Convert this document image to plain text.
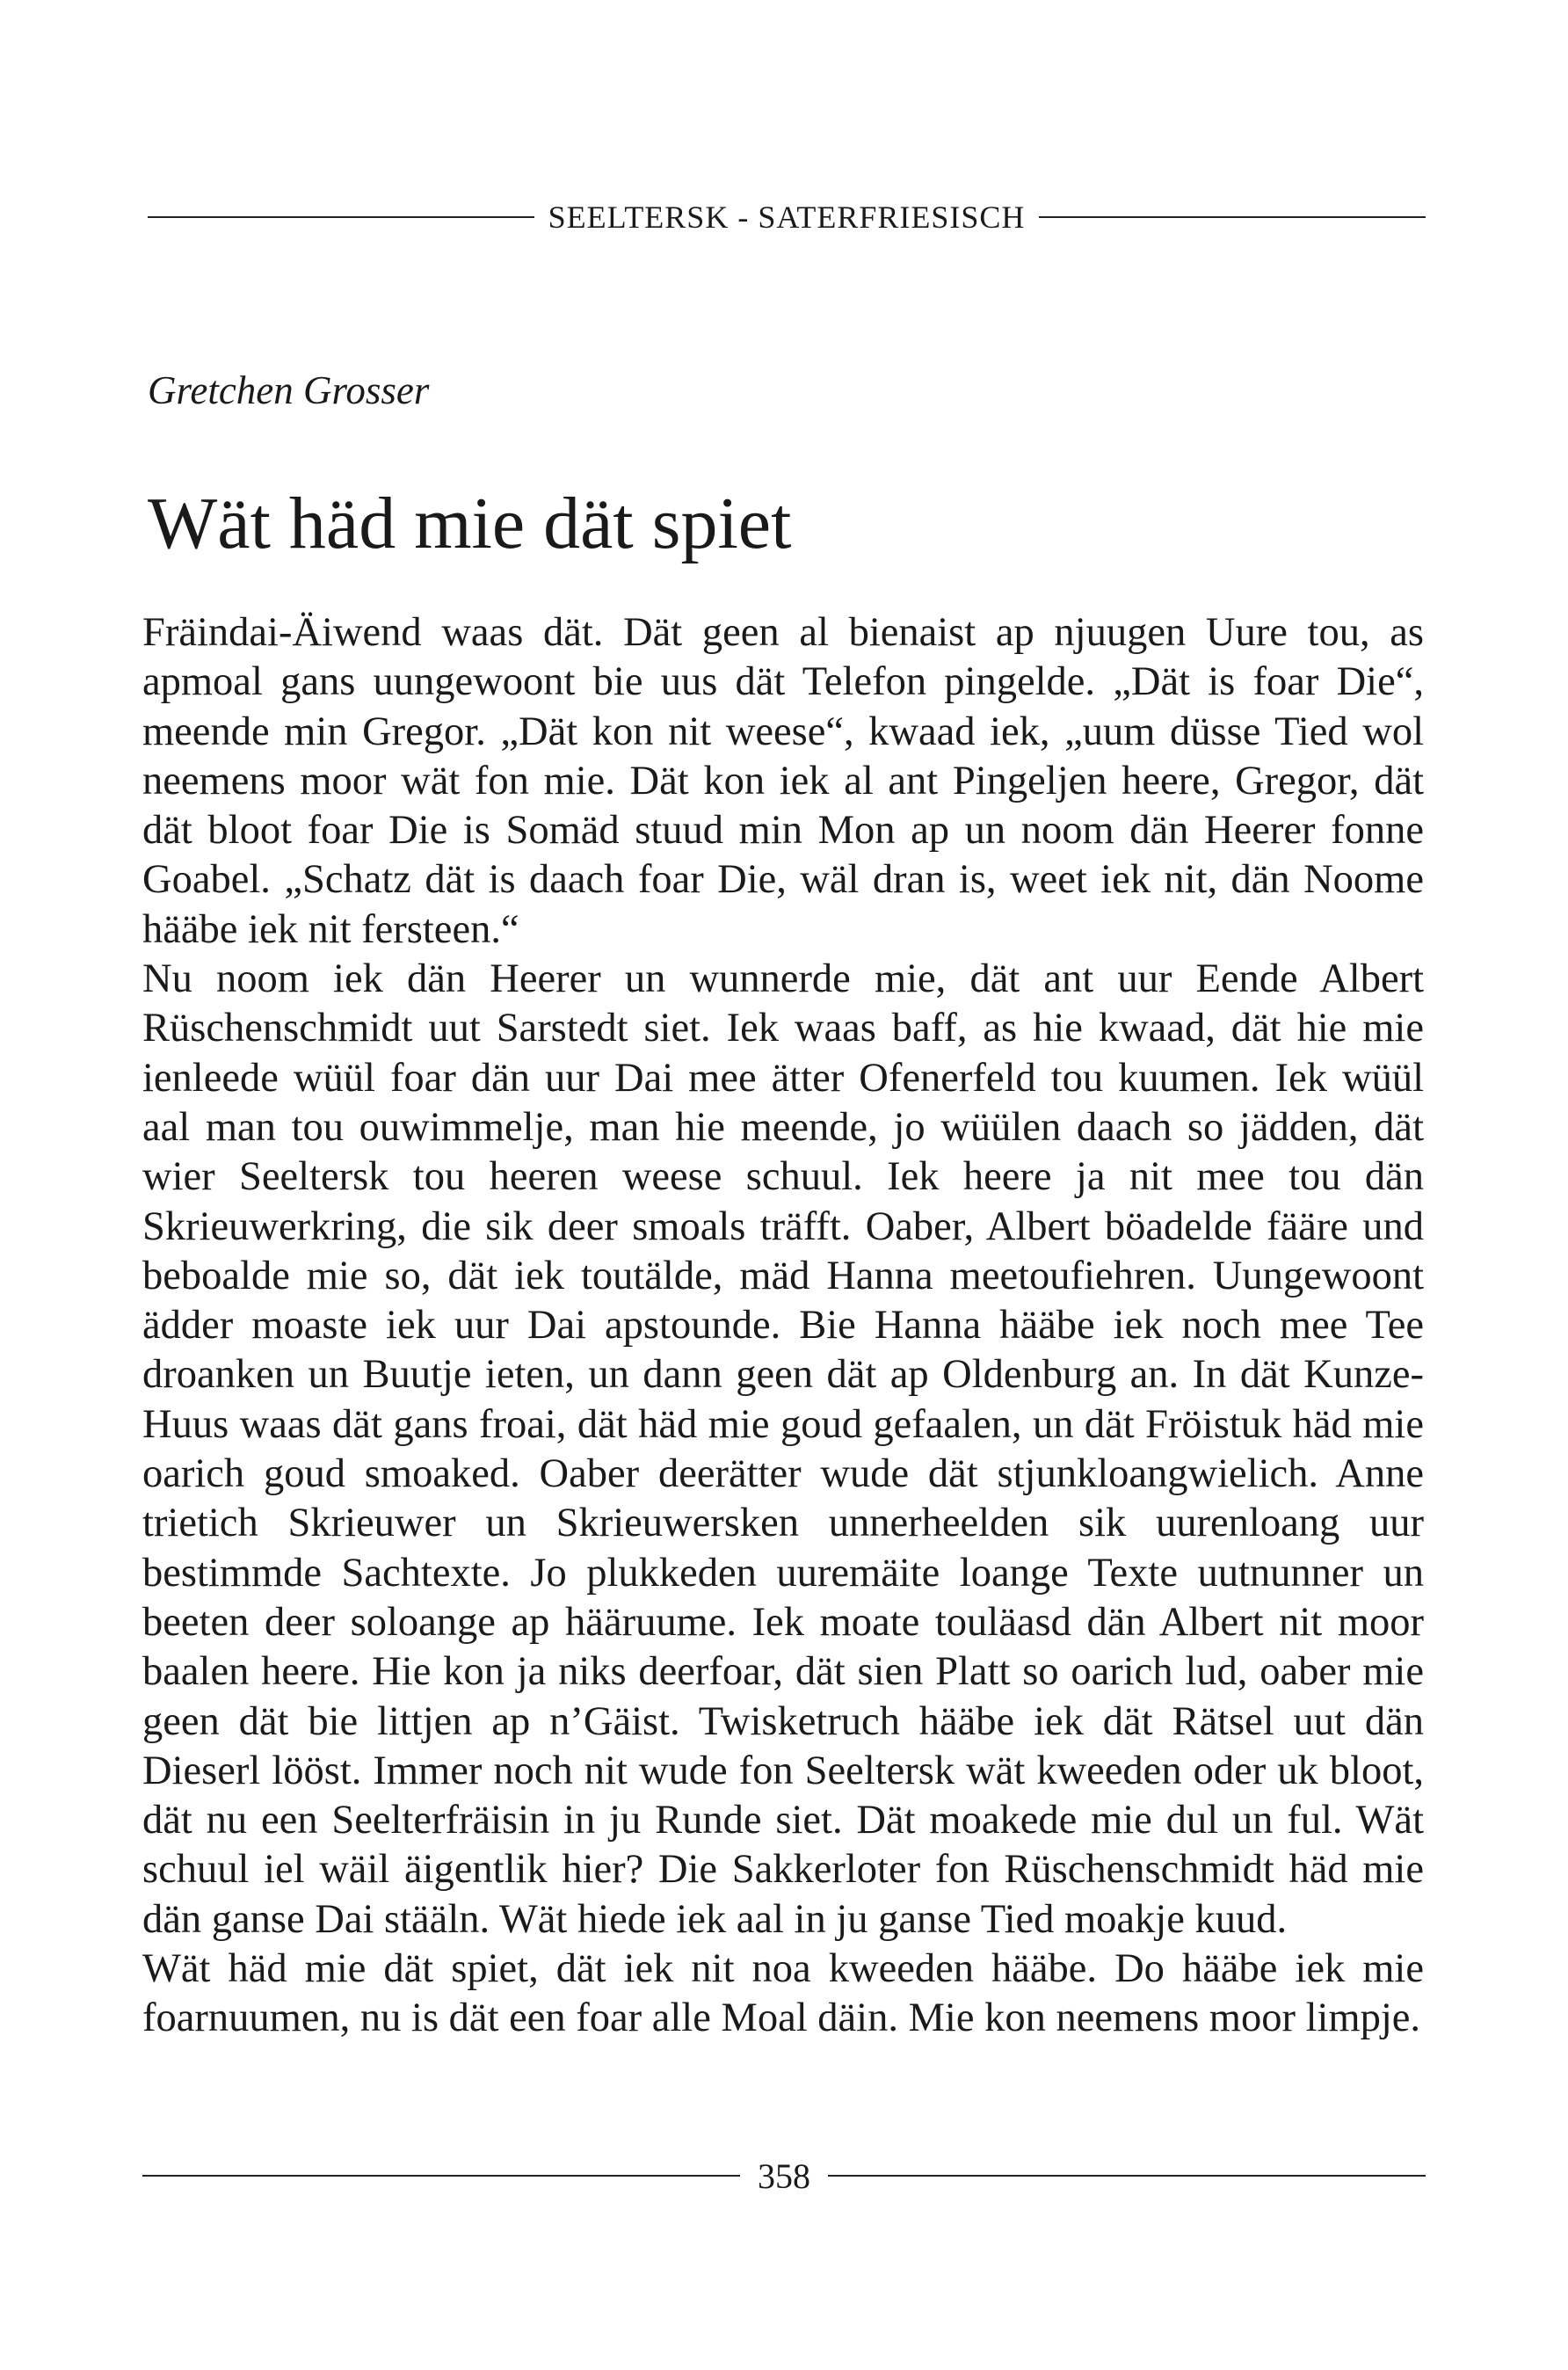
SEELTERSK - SATERFRIESISCH
Gretchen Grosser
Wät häd mie dät spiet

Fräindai-Äiwend waas dät. Dät geen al bienaist ap njuugen Uure tou, as apmoal gans uungewoont bie uus dät Telefon pingelde. „Dät is foar Die“, meende min Gregor. „Dät kon nit weese“, kwaad iek, „uum düsse Tied wol neemens moor wät fon mie. Dät kon iek al ant Pingeljen heere, Gregor, dät dät bloot foar Die is Somäd stuud min Mon ap un noom dän Heerer fonne Goabel. „Schatz dät is daach foar Die, wäl dran is, weet iek nit, dän Noome hääbe iek nit fersteen.“

Nu noom iek dän Heerer un wunnerde mie, dät ant uur Eende Albert Rüschenschmidt uut Sarstedt siet. Iek waas baff, as hie kwaad, dät hie mie ienleede wüül foar dän uur Dai mee ätter Ofenerfeld tou kuumen. Iek wüül aal man tou ouwimmelje, man hie meende, jo wüülen daach so jädden, dät wier Seeltersk tou heeren weese schuul. Iek heere ja nit mee tou dän Skrieuwerkring, die sik deer smoals träfft. Oaber, Albert böadelde fääre und beboalde mie so, dät iek toutälde, mäd Hanna meetoufiehren. Uungewoont ädder moaste iek uur Dai apstounde. Bie Hanna hääbe iek noch mee Tee droanken un Buutje ieten, un dann geen dät ap Oldenburg an. In dät Kunze-Huus waas dät gans froai, dät häd mie goud gefaalen, un dät Fröistuk häd mie oarich goud smoaked. Oaber deerätter wude dät stjunkloangwielich. Anne trietich Skrieuwer un Skrieuwersken unnerheelden sik uurenloang uur bestimmde Sachtexte. Jo plukkeden uuremäite loange Texte uutnunner un beeten deer soloange ap hääruume. Iek moate touläasd dän Albert nit moor baalen heere. Hie kon ja niks deerfoar, dät sien Platt so oarich lud, oaber mie geen dät bie littjen ap n’Gäist. Twisketruch hääbe iek dät Rätsel uut dän Dieserl lööst. Immer noch nit wude fon Seeltersk wät kweeden oder uk bloot, dät nu een Seelterfräisin in ju Runde siet. Dät moakede mie dul un ful. Wät schuul iel wäil äigentlik hier? Die Sakkerloter fon Rüschenschmidt häd mie dän ganse Dai stääln. Wät hiede iek aal in ju ganse Tied moakje kuud.

Wät häd mie dät spiet, dät iek nit noa kweeden hääbe. Do hääbe iek mie foarnuumen, nu is dät een foar alle Moal däin. Mie kon neemens moor limpje.

358
